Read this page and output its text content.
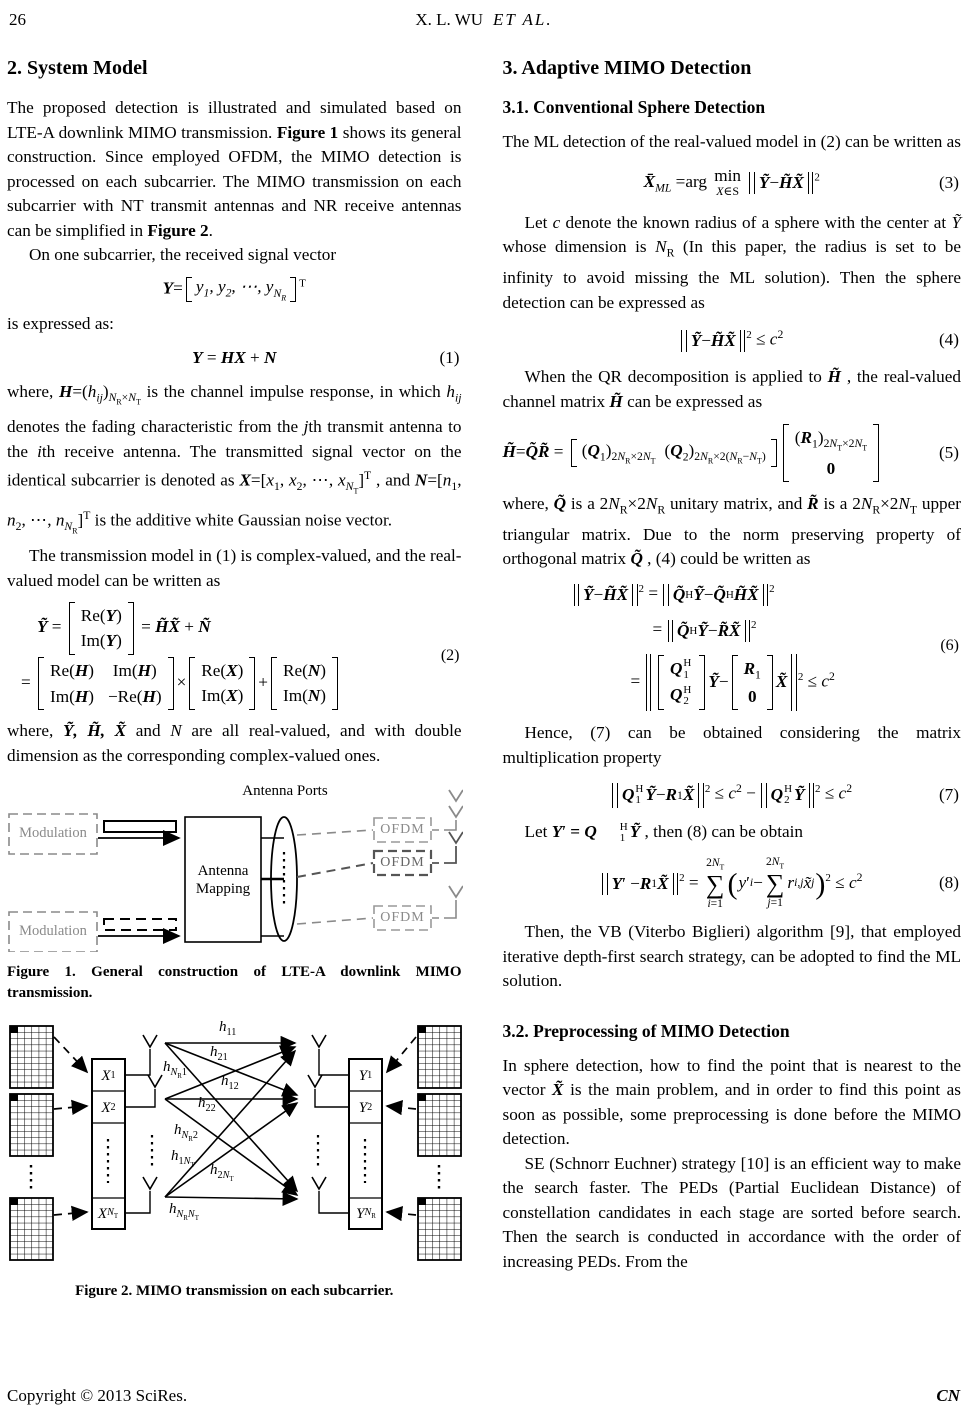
26	X. L. WU ET AL.
2. System Model

The proposed detection is illustrated and simulated based on LTE-A downlink MIMO transmission. Figure 1 shows its general construction. Since employed OFDM, the MIMO detection is processed on each subcarrier. The MIMO transmission on each subcarrier with NT transmit antennas and NR receive antennas can be simplified in Figure 2.

On one subcarrier, the received signal vector

$Y= y_1$, $y_2$, ⋯, $y_{N_R}$
$^T$

is expressed as:

Y = HX + N	(1)

where, $H=(h_{ij})_{N_R\times N_T}$ is the channel impulse response, in which $h_{ij}$ denotes the fading characteristic from the jth transmit antenna to the ith receive antenna. The transmitted signal vector on the identical subcarrier is denoted as $X=[x_1$, $x_2$, ⋯, $x_{N_T}]^T$ , and $N=[n_1$, $n_2$, ⋯, $n_{N_R}]^T$ is the additive white Gaussian noise vector.

The transmission model in (1) is complex-valued, and the real-valued model can be written as

Ỹ =
Re(Y)
Im(Y)
= H̃X̃ + Ñ
=
Re(H) Im(H)
Im(H) −Re(H)
×
Re(X)
Im(X)
+
Re(N)
Im(N)
(2)

where, Ỹ, H̃, X̃ and N are all real-valued, and with double dimension as the corresponding complex-valued ones.

Antenna Ports
Modulation
Modulation
Antenna
Mapping
OFDM
OFDM
OFDM

Figure 1. General construction of LTE-A downlink MIMO transmission.

X 1
X 2
X $N_T$
Y 1
Y 2
Y $N_R$
$h_{11}$
$h_{21}$
$h_{N_R1}$
$h_{12}$
$h_{22}$
$h_{N_R2}$
$h_{1N_T}$ $h_{2N_T}$
$h_{N_RN_T}$

Figure 2. MIMO transmission on each subcarrier.

3. Adaptive MIMO Detection
3.1. Conventional Sphere Detection

The ML detection of the real-valued model in (2) can be written as

$X̄_{ML} =arg$ min
X∈S
Ỹ − H̃X̃ $^2$	(3)

Let c denote the known radius of a sphere with the center at Ỹ whose dimension is $N_R$ (In this paper, the radius is set to be infinity to avoid missing the ML solution). Then the sphere detection can be expressed as

Ỹ − H̃X̃ $^2 \le c^2$	(4)

When the QR decomposition is applied to H̃ , the real-valued channel matrix H̃ can be expressed as

H̃=Q̃R̃ = $(Q_1)_{2N_R\times 2N_T}$
$(Q_2)_{2N_R\times 2(N_R-N_T)}$
$(R_1)_{2N_T\times 2N_T}$
0
(5)

where, Q̃ is a $2N_R\times 2N_R$ unitary matrix, and R̃ is a $2N_R\times 2N_T$ upper triangular matrix. Due to the norm preserving property of orthogonal matrix Q̃ , (4) could be written as

Ỹ − H̃X̃ $^2$ = Q̃ H Ỹ − Q̃ H H̃X̃ $^2$
= Q̃ H Ỹ − R̃X̃ $^2$
=
Q H
1
Q H
2
Ỹ −
$R_1$
0
X̃ $^2 \le c^2$
(6)

Hence, (7) can be obtained considering the matrix multiplication property

Q H
1 Ỹ − R 1 X̃ $^2 \le c^2 - Q$ H
2 Ỹ $^2 \le c^2$	(7)

Let Y′ = Q	H
1 Ỹ , then (8) can be obtain

Y ′ − R 1 X̃ $^2$ =
$2N_T$
∑
i=1
( y ′ i −
$2N_T$
∑
j=1
r i,j x̃ j )$^2 \le c^2$	(8)

Then, the VB (Viterbo Biglieri) algorithm [9], that employed iterative depth-first search strategy, can be adopted to find the ML solution.

3.2. Preprocessing of MIMO Detection

In sphere detection, how to find the point that is nearest to the vector X̃ is the main problem, and in order to find this point as soon as possible, some preprocessing is done before the MIMO detection.

SE (Schnorr Euchner) strategy [10] is an efficient way to make the search faster. The PEDs (Partial Euclidean Distance) of constellation candidates in each stage are sorted before search. Then the search is conducted in accordance with the order of increasing PEDs. From the

Copyright © 2013 SciRes.	CN
